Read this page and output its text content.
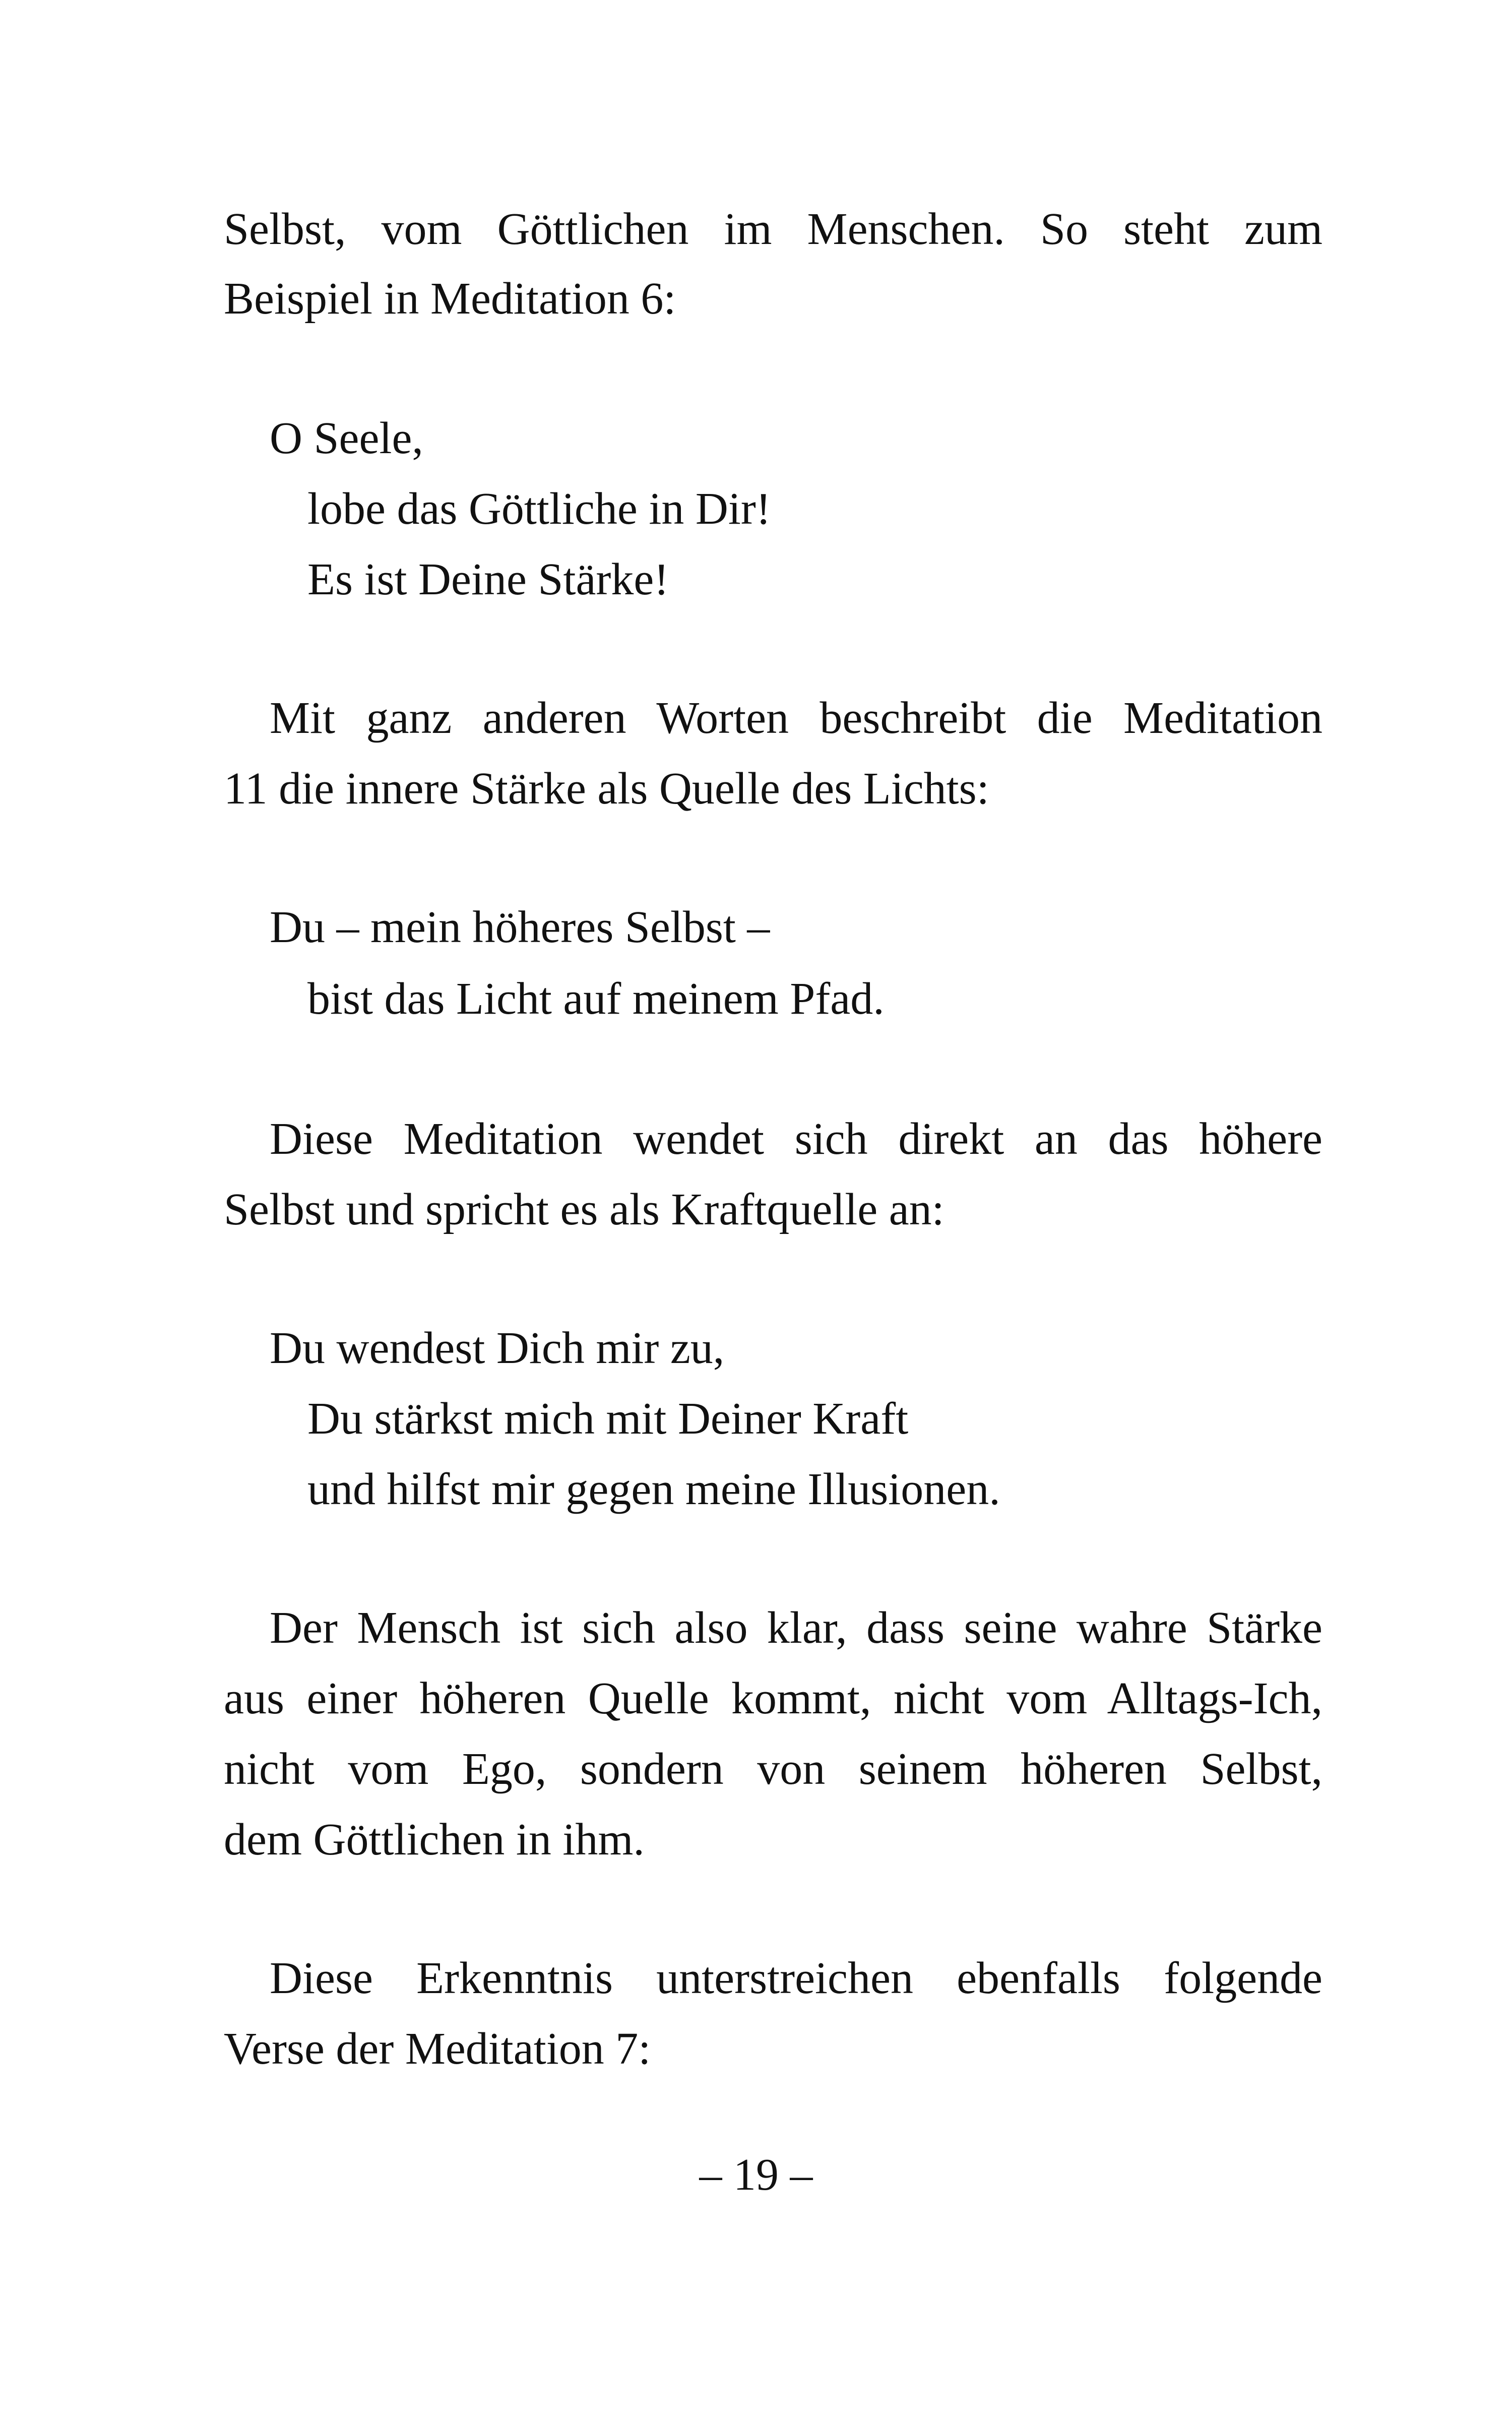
Selbst, vom Göttlichen im Menschen. So steht zum
Beispiel in Meditation 6:
O Seele,
lobe das Göttliche in Dir!
Es ist Deine Stärke!
Mit ganz anderen Worten beschreibt die Meditation
11 die innere Stärke als Quelle des Lichts:
Du – mein höheres Selbst –
bist das Licht auf meinem Pfad.
Diese Meditation wendet sich direkt an das höhere
Selbst und spricht es als Kraftquelle an:
Du wendest Dich mir zu,
Du stärkst mich mit Deiner Kraft
und hilfst mir gegen meine Illusionen.
Der Mensch ist sich also klar, dass seine wahre Stärke
aus einer höheren Quelle kommt, nicht vom Alltags-Ich,
nicht vom Ego, sondern von seinem höheren Selbst,
dem Göttlichen in ihm.
Diese Erkenntnis unterstreichen ebenfalls folgende
Verse der Meditation 7:
– 19 –
